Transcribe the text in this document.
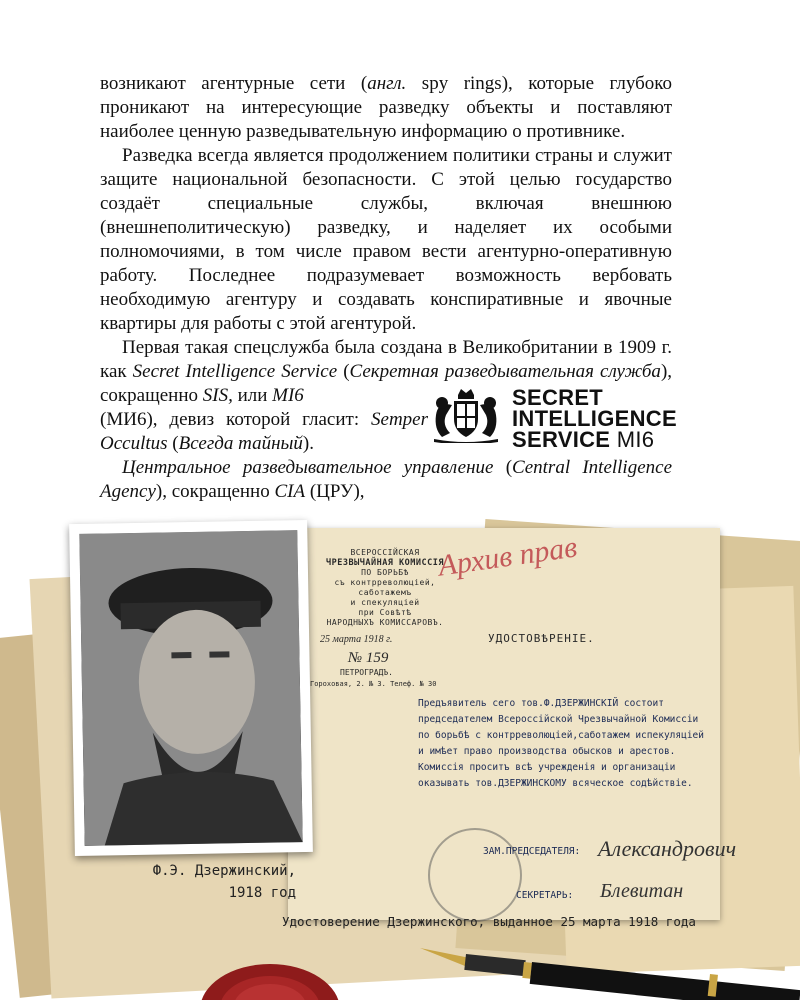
возникают агентурные сети (англ. spy rings), которые глубоко проникают на интересующие разведку объекты и поставляют наиболее ценную разведывательную информацию о противнике.

Разведка всегда является продолжением политики страны и служит защите национальной безопасности. С этой целью государство создаёт специальные службы, включая внешнюю (внешнеполитическую) разведку, и наделяет их особыми полномочиями, в том числе правом вести агентурно-оперативную работу. Последнее подразумевает возможность вербовать необходимую агентуру и создавать конспиративные и явочные квартиры для работы с этой агентурой.

Первая такая спецслужба была создана в Великобритании в 1909 г. как Secret Intelligence Service (Секретная разведывательная служба), сокращенно SIS, или MI6

(МИ6), девиз которой гласит: Semper Occultus (Всегда тайный).

Центральное разведывательное управление (Central Intelligence Agency), сокращенно CIA (ЦРУ),

SECRET
INTELLIGENCE
SERVICE MI6
ВСЕРОССІЙСКАЯ
ЧРЕЗВЫЧАЙНАЯ КОМИССІЯ
ПО БОРЬБѢ
съ контрреволюціей, саботажемъ
и спекуляціей
при Совѣтѣ
НАРОДНЫХЪ КОМИССАРОВЪ.
25 марта 1918 г.
№ 159
ПЕТРОГРАДЪ.
Гороховая, 2. № 3. Телеф. № 30
Архив прав
УДОСТОВѢРЕНІЕ.

Предъявитель сего тов.Ф.ДЗЕРЖИНСКІЙ состоит председателем Всероссійской Чрезвычайной Комиссіи по борьбѣ с контрреволюціей,саботажем испекуляціей и имѣет право производства обысков и арестов.

Комиссія проситъ всѣ учрежденія и организаціи оказывать тов.ДЗЕРЖИНСКОМУ всяческое содѣйствіе.

ЗАМ.ПРЕДСЕДАТЕЛЯ: Александрович
СЕКРЕТАРЬ: Блевитан
Ф.Э. Дзержинский,
1918 год
Удостоверение Дзержинского, выданное 25 марта 1918 года
